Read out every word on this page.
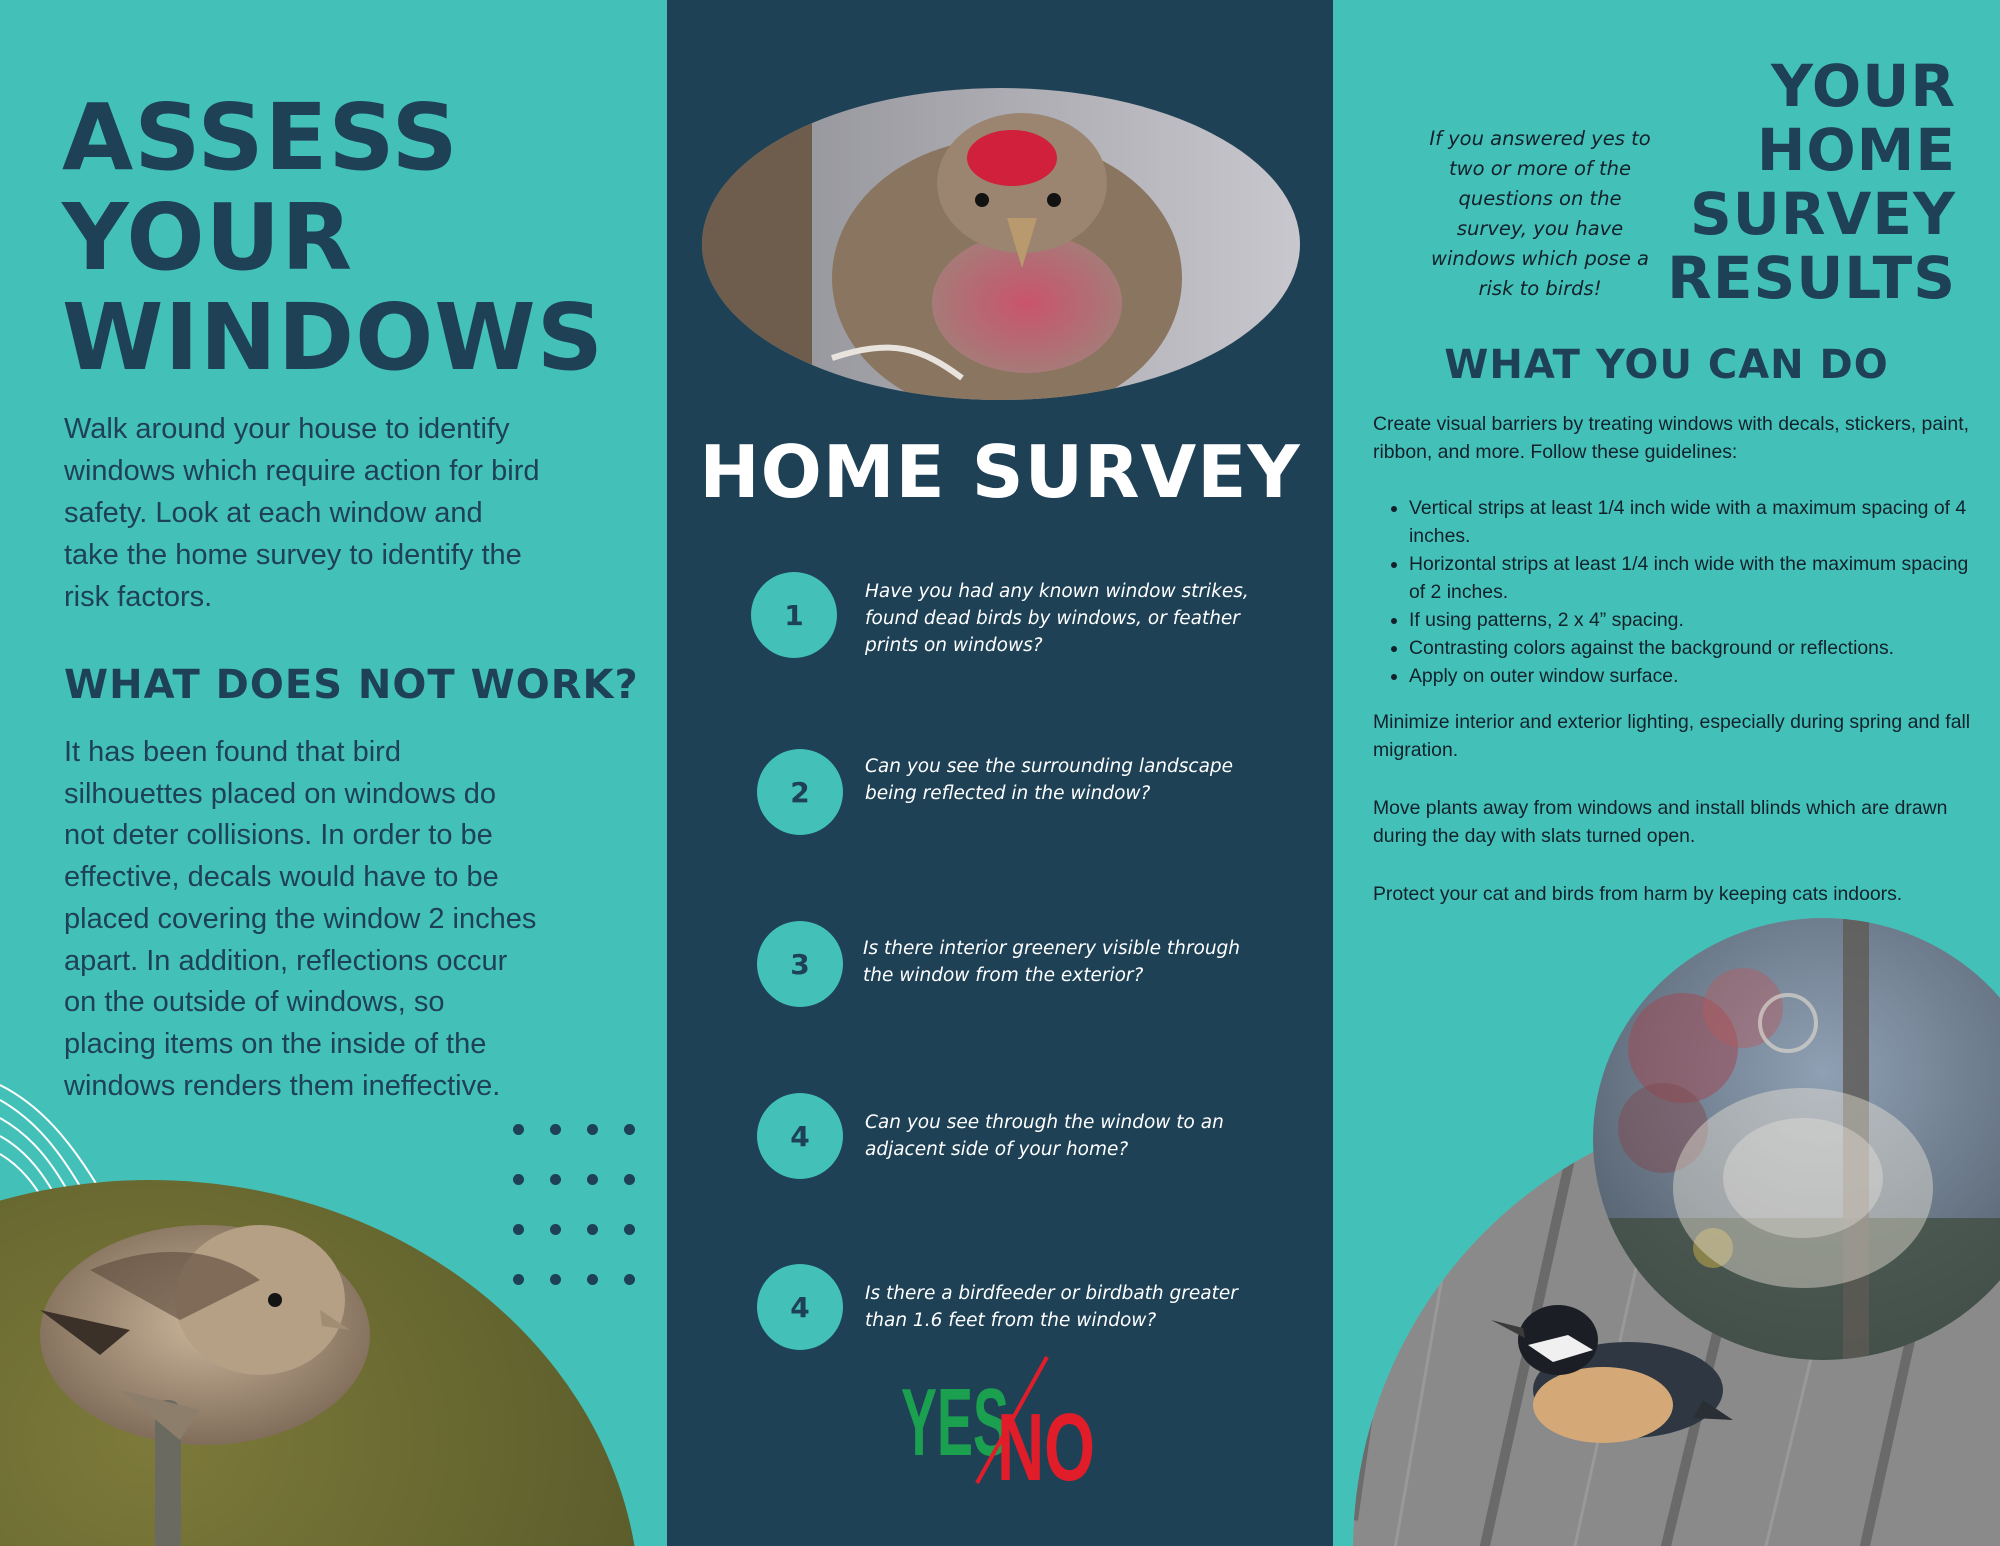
ASSESS
YOUR
WINDOWS
Walk around your house to identify windows which require action for bird safety. Look at each window and take the home survey to identify the risk factors.
WHAT DOES NOT WORK?
It has been found that bird silhouettes placed on windows do not deter collisions. In order to be effective, decals would have to be placed covering the window 2 inches apart. In addition, reflections occur on the outside of windows, so placing items on the inside of the windows renders them ineffective.
HOME SURVEY
1
Have you had any known window strikes, found dead birds by windows, or feather prints on windows?
2
Can you see the surrounding landscape being reflected in the window?
3	Is there interior greenery visible through the window from the exterior?
4	Can you see through the window to an adjacent side of your home?
4	Is there a birdfeeder or birdbath greater than 1.6 feet from the window?
YES
NO
YOUR
HOME
SURVEY
RESULTS
If you answered yes to two or more of the questions on the survey, you have windows which pose a risk to birds!
WHAT YOU CAN DO

Create visual barriers by treating windows with decals, stickers, paint, ribbon, and more. Follow these guidelines:

• Vertical strips at least 1/4 inch wide with a maximum spacing of 4 inches.
• Horizontal strips at least 1/4 inch wide with the maximum spacing of 2 inches.
• If using patterns, 2 x 4” spacing.
• Contrasting colors against the background or reflections.
• Apply on outer window surface.

Minimize interior and exterior lighting, especially during spring and fall migration.

Move plants away from windows and install blinds which are drawn during the day with slats turned open.

Protect your cat and birds from harm by keeping cats indoors.
